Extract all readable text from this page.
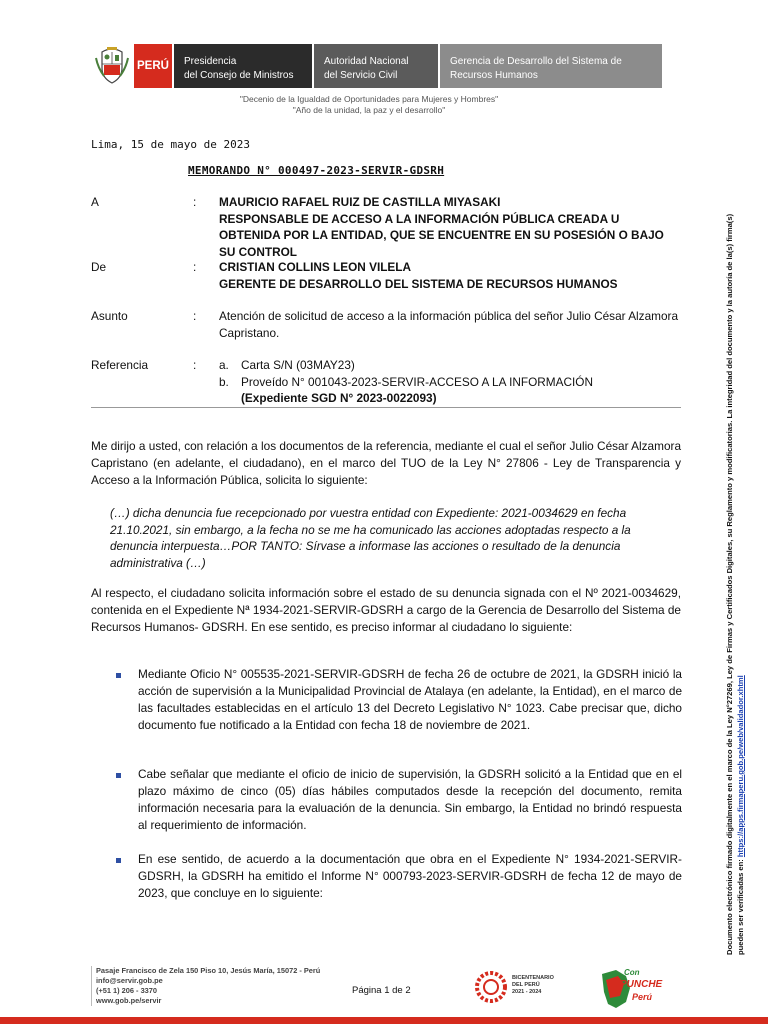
PERÚ	Presidencia
del Consejo de Ministros
Autoridad Nacional
del Servicio Civil
Gerencia de Desarrollo del Sistema de
Recursos Humanos
"Decenio de la Igualdad de Oportunidades para Mujeres y Hombres"
"Año de la unidad, la paz y el desarrollo"
Lima, 15 de mayo de 2023
MEMORANDO N° 000497-2023-SERVIR-GDSRH
A	: MAURICIO RAFAEL RUIZ DE CASTILLA MIYASAKI
RESPONSABLE DE ACCESO A LA INFORMACIÓN PÚBLICA CREADA U OBTENIDA POR LA ENTIDAD, QUE SE ENCUENTRE EN SU POSESIÓN O BAJO SU CONTROL
De	: CRISTIAN COLLINS LEON VILELA
GERENTE DE DESARROLLO DEL SISTEMA DE RECURSOS HUMANOS
Asunto	: Atención de solicitud de acceso a la información pública del señor Julio César Alzamora Capristano.
Referencia	: a. Carta S/N (03MAY23)
b. Proveído N° 001043-2023-SERVIR-ACCESO A LA INFORMACIÓN
(Expediente SGD N° 2023-0022093)
Me dirijo a usted, con relación a los documentos de la referencia, mediante el cual el señor Julio César Alzamora Capristano (en adelante, el ciudadano), en el marco del TUO de la Ley N° 27806 - Ley de Transparencia y Acceso a la Información Pública, solicita lo siguiente:
(…) dicha denuncia fue recepcionado por vuestra entidad con Expediente: 2021-0034629 en fecha 21.10.2021, sin embargo, a la fecha no se me ha comunicado las acciones adoptadas respecto a la denuncia interpuesta…POR TANTO: Sírvase a informase las acciones o resultado de la denuncia administrativa (…)
Al respecto, el ciudadano solicita información sobre el estado de su denuncia signada con el Nº 2021-0034629, contenida en el Expediente Nª 1934-2021-SERVIR-GDSRH a cargo de la Gerencia de Desarrollo del Sistema de Recursos Humanos- GDSRH. En ese sentido, es preciso informar al ciudadano lo siguiente:
Mediante Oficio N° 005535-2021-SERVIR-GDSRH de fecha 26 de octubre de 2021, la GDSRH inició la acción de supervisión a la Municipalidad Provincial de Atalaya (en adelante, la Entidad), en el marco de las facultades establecidas en el artículo 13 del Decreto Legislativo N° 1023. Cabe precisar que, dicho documento fue notificado a la Entidad con fecha 18 de noviembre de 2021.
Cabe señalar que mediante el oficio de inicio de supervisión, la GDSRH solicitó a la Entidad que en el plazo máximo de cinco (05) días hábiles computados desde la recepción del documento, remita información necesaria para la evaluación de la denuncia. Sin embargo, la Entidad no brindó respuesta al requerimiento de información.
En ese sentido, de acuerdo a la documentación que obra en el Expediente N° 1934-2021-SERVIR-GDSRH, la GDSRH ha emitido el Informe N° 000793-2023-SERVIR-GDSRH de fecha 12 de mayo de 2023, que concluye en lo siguiente:	Documento electrónico firmado digitalmente en el marco de la Ley N°27269, Ley de Firmas y Certificados Digitales, su Reglamento y modificatorias. La integridad del documento y la autoría de la(s) firma(s) pueden ser verificadas en: https://apps.firmaperu.gob.pe/web/validador.xhtml
Pasaje Francisco de Zela 150 Piso 10, Jesús María, 15072 - Perú
info@servir.gob.pe
(+51 1) 206 - 3370
www.gob.pe/servir
Página 1 de 2
BICENTENARIO
DEL PERÚ
2021 - 2024
Con
PUNCHE
Perú
